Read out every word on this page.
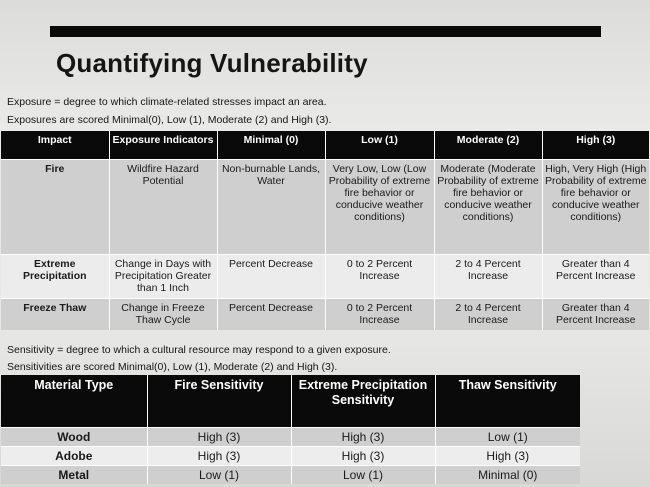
Quantifying Vulnerability
Exposure = degree to which climate-related stresses impact an area.
Exposures are scored Minimal(0), Low (1), Moderate (2) and High (3).
Impact	Exposure Indicators	Minimal (0)	Low (1)	Moderate (2)	High (3)
Fire	Wildfire Hazard Potential	Non-burnable Lands, Water	Very Low, Low (Low Probability of extreme fire behavior or conducive weather conditions)	Moderate (Moderate Probability of extreme fire behavior or conducive weather conditions)	High, Very High (High Probability of extreme fire behavior or conducive weather conditions)
Extreme Precipitation	Change in Days with Precipitation Greater than 1 Inch	Percent Decrease	0 to 2 Percent Increase	2 to 4 Percent Increase	Greater than 4 Percent Increase
Freeze Thaw	Change in Freeze Thaw Cycle	Percent Decrease	0 to 2 Percent Increase	2 to 4 Percent Increase	Greater than 4 Percent Increase
Sensitivity = degree to which a cultural resource may respond to a given exposure.
Sensitivities are scored Minimal(0), Low (1), Moderate (2) and High (3).
Material Type	Fire Sensitivity	Extreme Precipitation Sensitivity	Thaw Sensitivity
Wood	High (3)	High (3)	Low (1)
Adobe	High (3)	High (3)	High (3)
Metal	Low (1)	Low (1)	Minimal (0)
